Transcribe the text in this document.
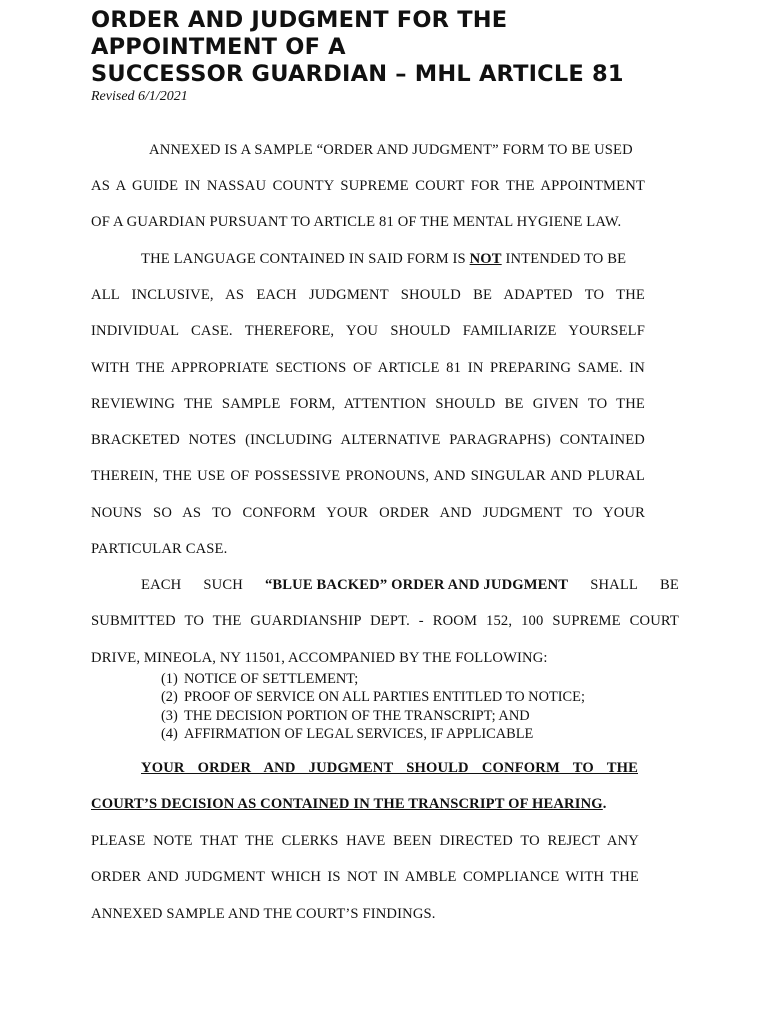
ORDER AND JUDGMENT FOR THE
APPOINTMENT OF A
SUCCESSOR GUARDIAN – MHL ARTICLE 81
Revised 6/1/2021
ANNEXED IS A SAMPLE “ORDER AND JUDGMENT” FORM TO BE USED
AS A GUIDE IN NASSAU COUNTY SUPREME COURT FOR THE APPOINTMENT
OF A GUARDIAN PURSUANT TO ARTICLE 81 OF THE MENTAL HYGIENE LAW.
THE LANGUAGE CONTAINED IN SAID FORM IS NOT INTENDED TO BE
ALL INCLUSIVE, AS EACH JUDGMENT SHOULD BE ADAPTED TO THE
INDIVIDUAL CASE. THEREFORE, YOU SHOULD FAMILIARIZE YOURSELF
WITH THE APPROPRIATE SECTIONS OF ARTICLE 81 IN PREPARING SAME. IN
REVIEWING THE SAMPLE FORM, ATTENTION SHOULD BE GIVEN TO THE
BRACKETED NOTES (INCLUDING ALTERNATIVE PARAGRAPHS) CONTAINED
THEREIN, THE USE OF POSSESSIVE PRONOUNS, AND SINGULAR AND PLURAL
NOUNS SO AS TO CONFORM YOUR ORDER AND JUDGMENT TO YOUR
PARTICULAR CASE.
EACH SUCH “BLUE BACKED” ORDER AND JUDGMENT SHALL BE
SUBMITTED TO THE GUARDIANSHIP DEPT. - ROOM 152, 100 SUPREME COURT
DRIVE, MINEOLA, NY 11501, ACCOMPANIED BY THE FOLLOWING:
(1) NOTICE OF SETTLEMENT;
(2) PROOF OF SERVICE ON ALL PARTIES ENTITLED TO NOTICE;
(3) THE DECISION PORTION OF THE TRANSCRIPT; AND
(4) AFFIRMATION OF LEGAL SERVICES, IF APPLICABLE
YOUR ORDER AND JUDGMENT SHOULD CONFORM TO THE
COURT’S DECISION AS CONTAINED IN THE TRANSCRIPT OF HEARING.
PLEASE NOTE THAT THE CLERKS HAVE BEEN DIRECTED TO REJECT ANY
ORDER AND JUDGMENT WHICH IS NOT IN AMBLE COMPLIANCE WITH THE
ANNEXED SAMPLE AND THE COURT’S FINDINGS.
